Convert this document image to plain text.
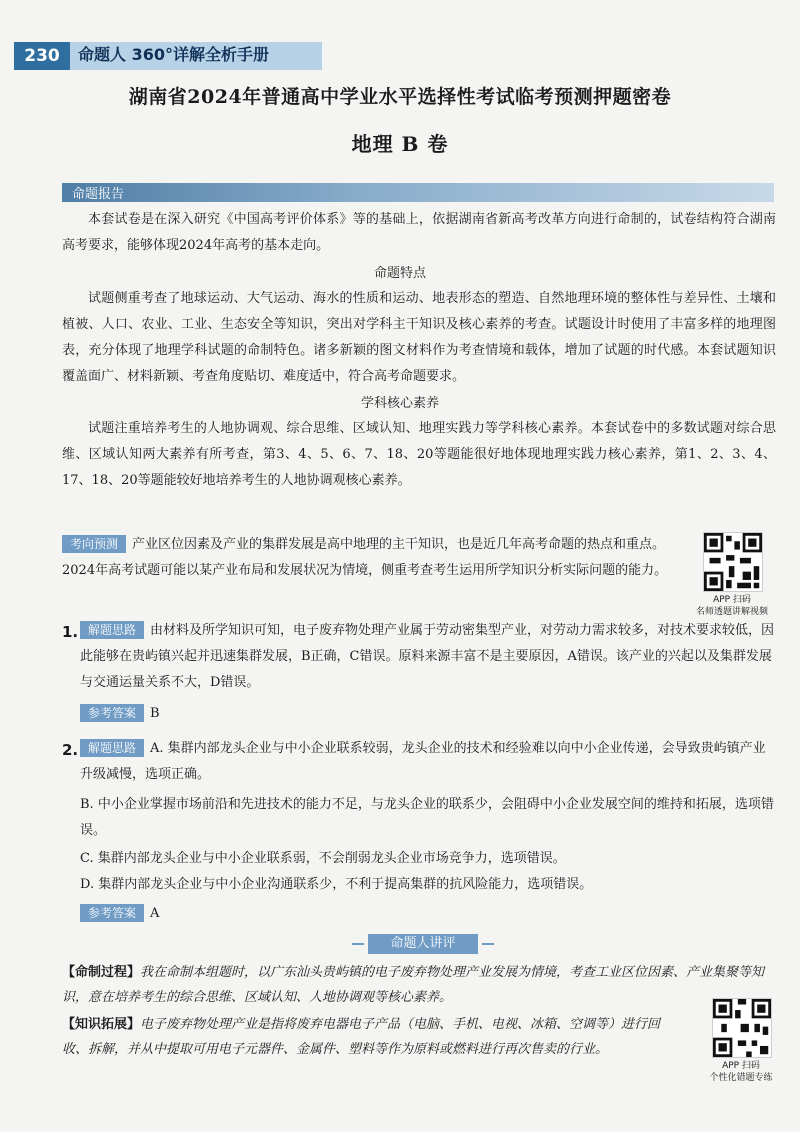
230	命题人 360°详解全析手册
湖南省2024年普通高中学业水平选择性考试临考预测押题密卷
地理 B 卷
命题报告
本套试卷是在深入研究《中国高考评价体系》等的基础上，依据湖南省新高考改革方向进行命制的，试卷结构符合湖南高考要求，能够体现2024年高考的基本走向。
命题特点
试题侧重考查了地球运动、大气运动、海水的性质和运动、地表形态的塑造、自然地理环境的整体性与差异性、土壤和植被、人口、农业、工业、生态安全等知识，突出对学科主干知识及核心素养的考查。试题设计时使用了丰富多样的地理图表，充分体现了地理学科试题的命制特色。诸多新颖的图文材料作为考查情境和载体，增加了试题的时代感。本套试题知识覆盖面广、材料新颖、考查角度贴切、难度适中，符合高考命题要求。
学科核心素养
试题注重培养考生的人地协调观、综合思维、区域认知、地理实践力等学科核心素养。本套试卷中的多数试题对综合思维、区域认知两大素养有所考查，第3、4、5、6、7、18、20等题能很好地体现地理实践力核心素养，第1、2、3、4、17、18、20等题能较好地培养考生的人地协调观核心素养。
考向预测 产业区位因素及产业的集群发展是高中地理的主干知识，也是近几年高考命题的热点和重点。2024年高考试题可能以某产业布局和发展状况为情境，侧重考查考生运用所学知识分析实际问题的能力。
APP 扫码
名师透题讲解视频
1. 解题思路 由材料及所学知识可知，电子废弃物处理产业属于劳动密集型产业，对劳动力需求较多，对技术要求较低，因此能够在贵屿镇兴起并迅速集群发展，B正确，C错误。原料来源丰富不是主要原因，A错误。该产业的兴起以及集群发展与交通运量关系不大，D错误。
参考答案 B
2. 解题思路 A. 集群内部龙头企业与中小企业联系较弱，龙头企业的技术和经验难以向中小企业传递，会导致贵屿镇产业升级减慢，选项正确。
B. 中小企业掌握市场前沿和先进技术的能力不足，与龙头企业的联系少，会阻碍中小企业发展空间的维持和拓展，选项错误。
C. 集群内部龙头企业与中小企业联系弱，不会削弱龙头企业市场竞争力，选项错误。
D. 集群内部龙头企业与中小企业沟通联系少，不利于提高集群的抗风险能力，选项错误。
参考答案 A
命题人讲评
【命制过程】我在命制本组题时，以广东汕头贵屿镇的电子废弃物处理产业发展为情境，考查工业区位因素、产业集聚等知识，意在培养考生的综合思维、区域认知、人地协调观等核心素养。
【知识拓展】电子废弃物处理产业是指将废弃电器电子产品（电脑、手机、电视、冰箱、空调等）进行回收、拆解，并从中提取可用电子元器件、金属件、塑料等作为原料或燃料进行再次售卖的行业。
APP 扫码
个性化错题专练
